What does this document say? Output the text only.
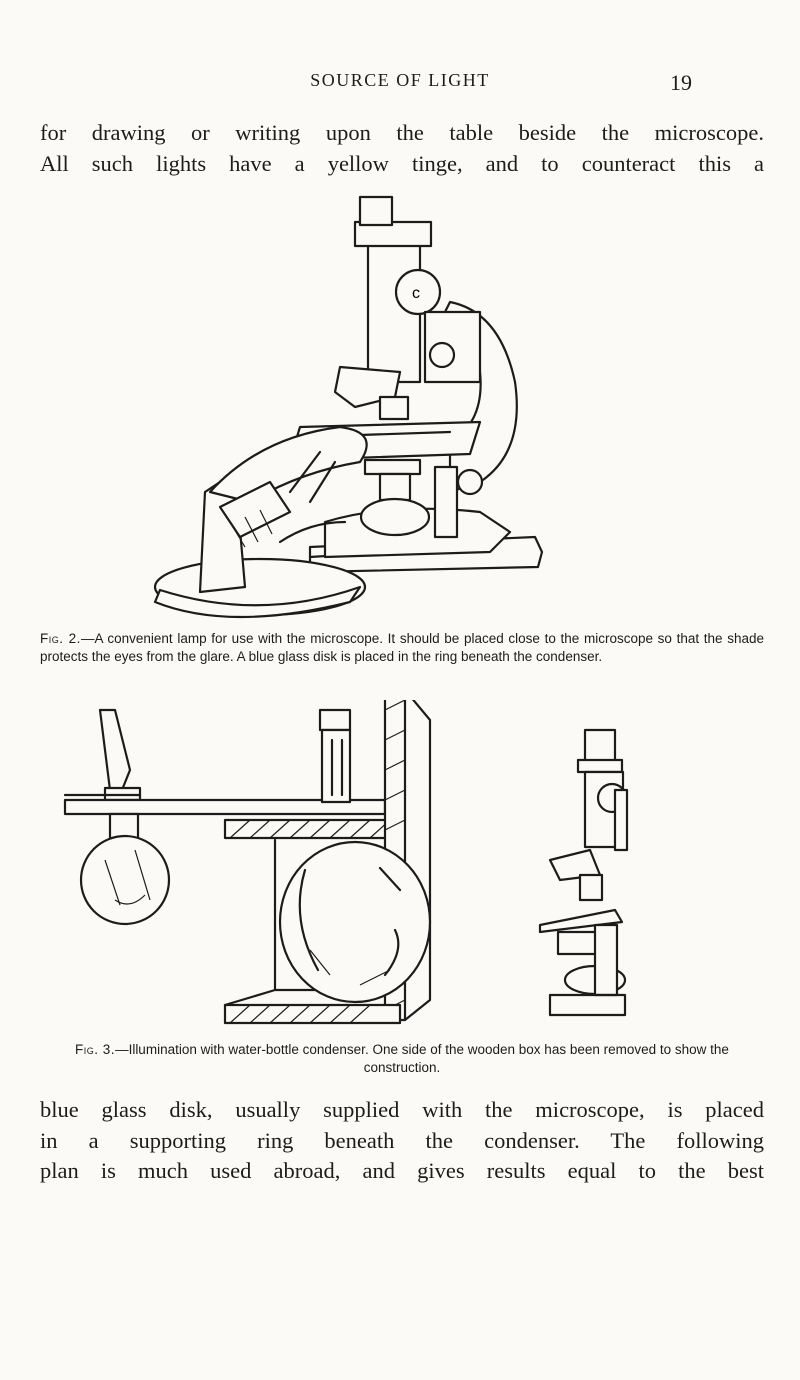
SOURCE OF LIGHT	19
for drawing or writing upon the table beside the microscope.
All such lights have a yellow tinge, and to counteract this a
c
Fig. 2.—A convenient lamp for use with the microscope. It should be placed close to the microscope so that the shade protects the eyes from the glare. A blue glass disk is placed in the ring beneath the condenser.
Fig. 3.—Illumination with water-bottle condenser. One side of the wooden box has been removed to show the construction.
blue glass disk, usually supplied with the microscope, is placed
in a supporting ring beneath the condenser. The following
plan is much used abroad, and gives results equal to the best
